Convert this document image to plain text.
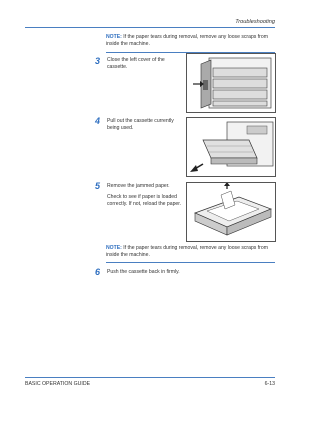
Troubleshooting
NOTE: If the paper tears during removal, remove any loose scraps from inside the machine.
3 Close the left cover of the cassette.

4 Pull out the cassette currently being used.

5 Remove the jammed paper.

Check to see if paper is loaded correctly. If not, reload the paper.

NOTE: If the paper tears during removal, remove any loose scraps from inside the machine.
6 Push the cassette back in firmly.

BASIC OPERATION GUIDE	6-13
